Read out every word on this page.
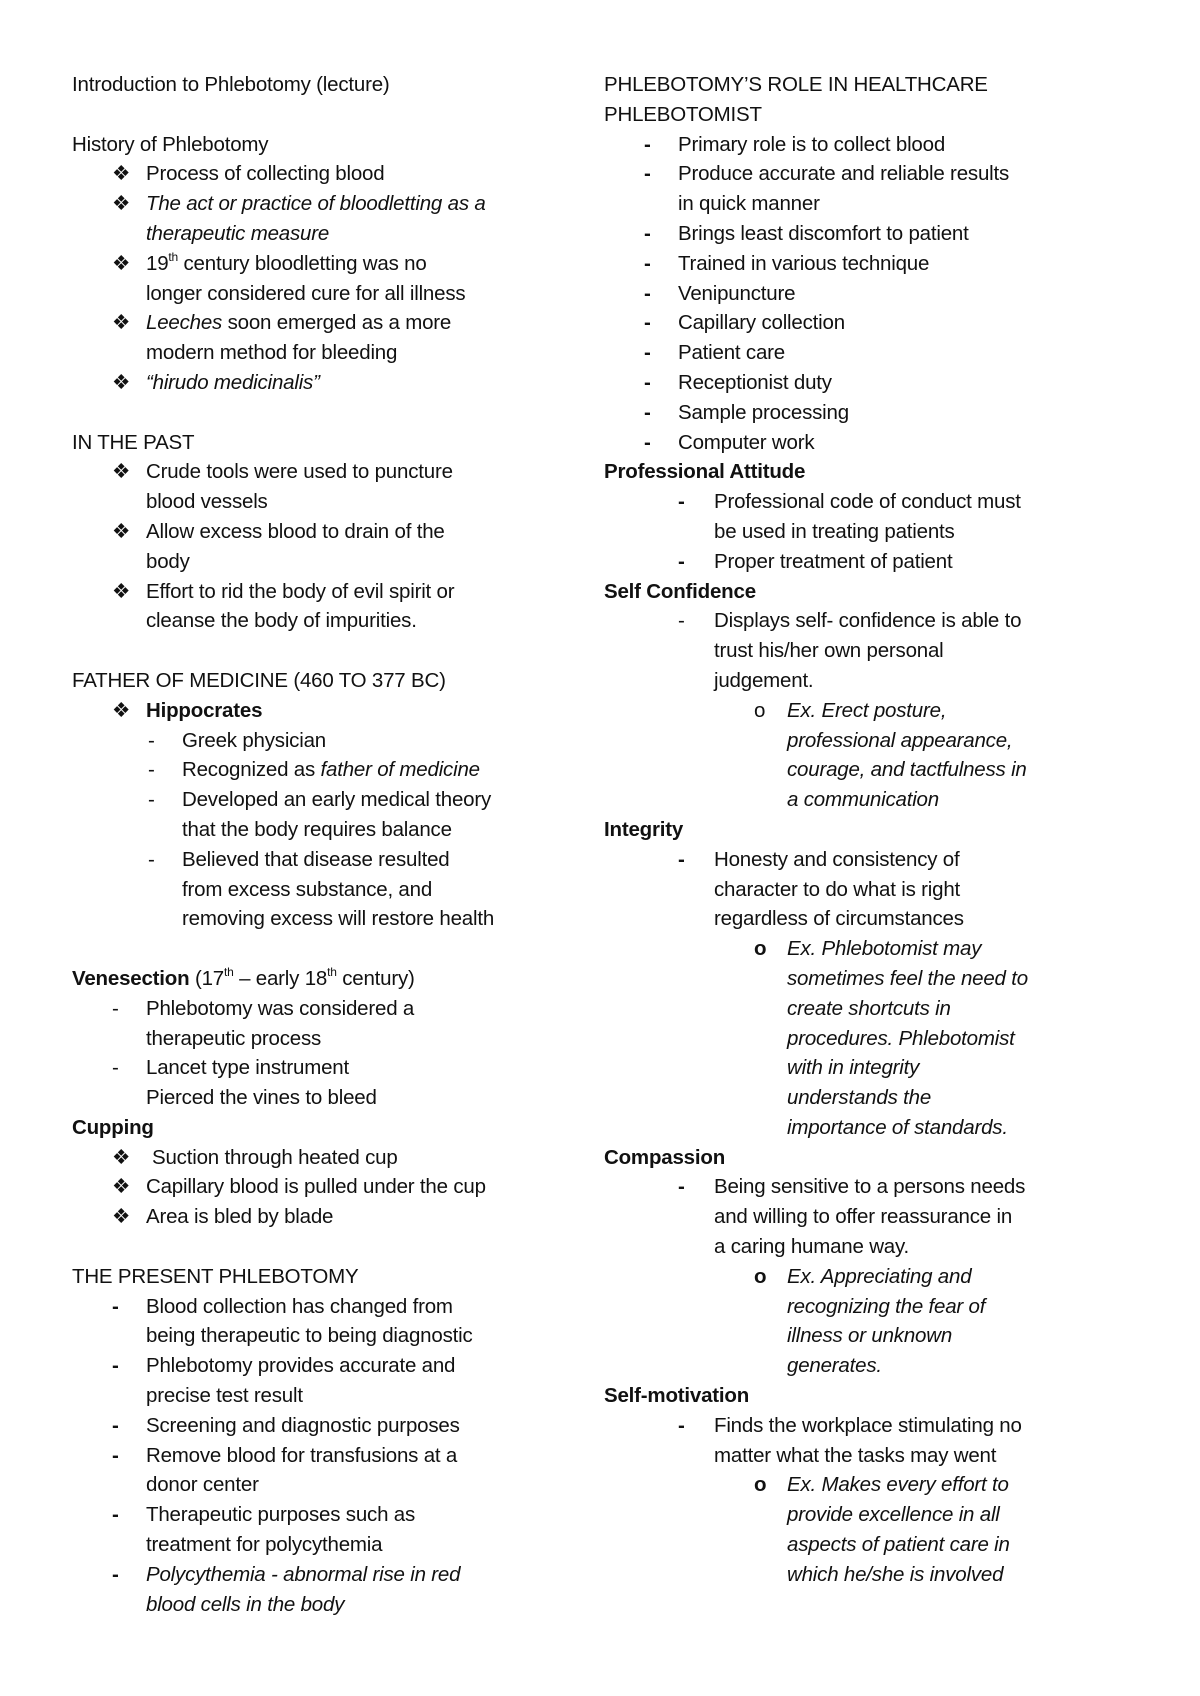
Introduction to Phlebotomy (lecture)
History of Phlebotomy
❖ Process of collecting blood
❖ The act or practice of bloodletting as a
therapeutic measure
❖ 19th century bloodletting was no
longer considered cure for all illness
❖ Leeches soon emerged as a more
modern method for bleeding
❖ “hirudo medicinalis”
IN THE PAST
❖ Crude tools were used to puncture
blood vessels
❖ Allow excess blood to drain of the
body
❖ Effort to rid the body of evil spirit or
cleanse the body of impurities.
FATHER OF MEDICINE (460 TO 377 BC)
❖ Hippocrates
- Greek physician
- Recognized as father of medicine
- Developed an early medical theory
that the body requires balance
- Believed that disease resulted
from excess substance, and
removing excess will restore health
Venesection (17th – early 18th century)
- Phlebotomy was considered a
therapeutic process
- Lancet type instrument
Pierced the vines to bleed
Cupping
❖ Suction through heated cup
❖ Capillary blood is pulled under the cup
❖ Area is bled by blade
THE PRESENT PHLEBOTOMY
- Blood collection has changed from
being therapeutic to being diagnostic
- Phlebotomy provides accurate and
precise test result
- Screening and diagnostic purposes
- Remove blood for transfusions at a
donor center
- Therapeutic purposes such as
treatment for polycythemia
- Polycythemia - abnormal rise in red
blood cells in the body
PHLEBOTOMY’S ROLE IN HEALTHCARE
PHLEBOTOMIST
- Primary role is to collect blood
- Produce accurate and reliable results
in quick manner
- Brings least discomfort to patient
- Trained in various technique
- Venipuncture
- Capillary collection
- Patient care
- Receptionist duty
- Sample processing
- Computer work
Professional Attitude
- Professional code of conduct must
be used in treating patients
- Proper treatment of patient
Self Confidence
- Displays self- confidence is able to
trust his/her own personal
judgement.
o Ex. Erect posture,
professional appearance,
courage, and tactfulness in
a communication
Integrity
- Honesty and consistency of
character to do what is right
regardless of circumstances
o Ex. Phlebotomist may
sometimes feel the need to
create shortcuts in
procedures. Phlebotomist
with in integrity
understands the
importance of standards.
Compassion
- Being sensitive to a persons needs
and willing to offer reassurance in
a caring humane way.
o Ex. Appreciating and
recognizing the fear of
illness or unknown
generates.
Self-motivation
- Finds the workplace stimulating no
matter what the tasks may went
o Ex. Makes every effort to
provide excellence in all
aspects of patient care in
which he/she is involved
